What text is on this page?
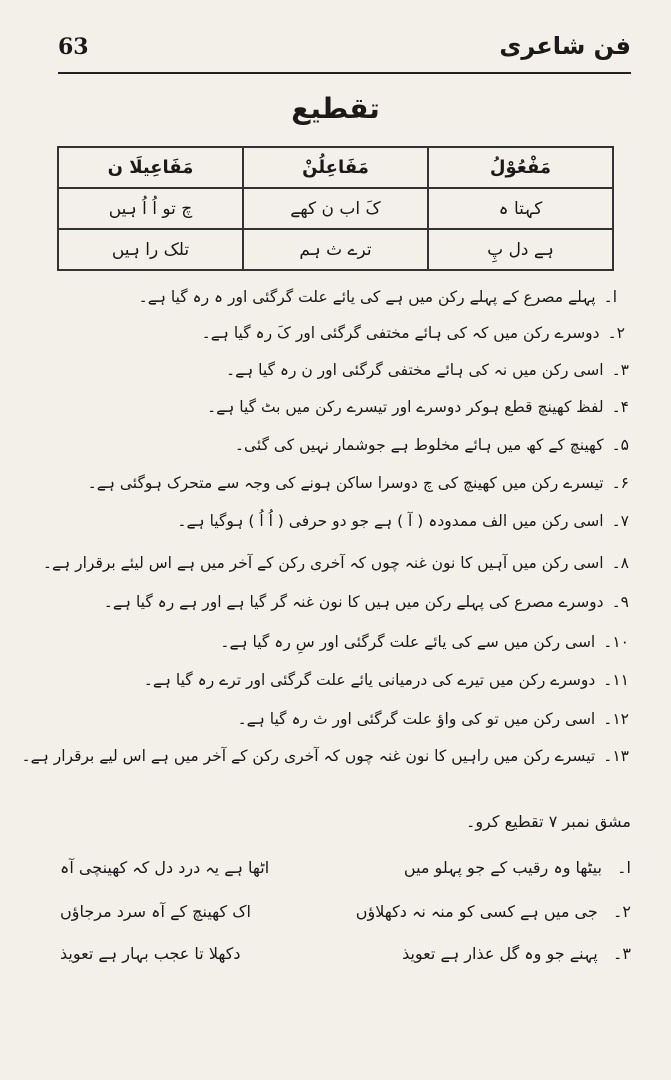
63	فن شاعری
تقطیع
مَفْعُوْلُ	مَفَاعِلُنْ	مَفَاعِیلَا ن
کہتا ہ	کَ اب ن کھے	چ تو اُ اُ ہیں
ہے دل پِ	ترے ث ہم	تلک را ہیں
ا۔پہلے مصرع کے پہلے رکن میں ہے کی یائے علت گرگئی اور ہ رہ گیا ہے۔
۲۔دوسرے رکن میں کہ کی ہائے مختفی گرگئی اور کَ رہ گیا ہے۔
۳۔اسی رکن میں نہ کی ہائے مختفی گرگئی اور ن رہ گیا ہے۔
۴۔لفظ کھینچ قطع ہوکر دوسرے اور تیسرے رکن میں بٹ گیا ہے۔
۵۔کھینچ کے کھ میں ہائے مخلوط ہے جوشمار نہیں کی گئی۔
۶۔تیسرے رکن میں کھینچ کی چ دوسرا ساکن ہونے کی وجہ سے متحرک ہوگئی ہے۔
۷۔اسی رکن میں الف ممدودہ ( آ ) ہے جو دو حرفی ( اُ اُ ) ہوگیا ہے۔
۸۔اسی رکن میں آہیں کا نون غنہ چوں کہ آخری رکن کے آخر میں ہے اس لیئے برقرار ہے۔
۹۔دوسرے مصرع کی پہلے رکن میں ہیں کا نون غنہ گر گیا ہے اور ہے رہ گیا ہے۔
۱۰۔اسی رکن میں سے کی یائے علت گرگئی اور سِ رہ گیا ہے۔
۱۱۔دوسرے رکن میں تیرے کی درمیانی یائے علت گرگئی اور ترے رہ گیا ہے۔
۱۲۔اسی رکن میں تو کی واؤ علت گرگئی اور ث رہ گیا ہے۔
۱۳۔تیسرے رکن میں راہیں کا نون غنہ چوں کہ آخری رکن کے آخر میں ہے اس لیے برقرار ہے۔
مشق نمبر ۷ تقطیع کرو۔
ا۔   بیٹھا وہ رقیب کے جو پہلو میں
اٹھا ہے یہ درد دل کہ کھینچی آہ
۲۔   جی میں ہے کسی کو منہ نہ دکھلاؤں
اک کھینچ کے آہ سرد مرجاؤں
۳۔   پہنے جو وہ گل عذار ہے تعویذ
دکھلا تا عجب بہار ہے تعویذ
